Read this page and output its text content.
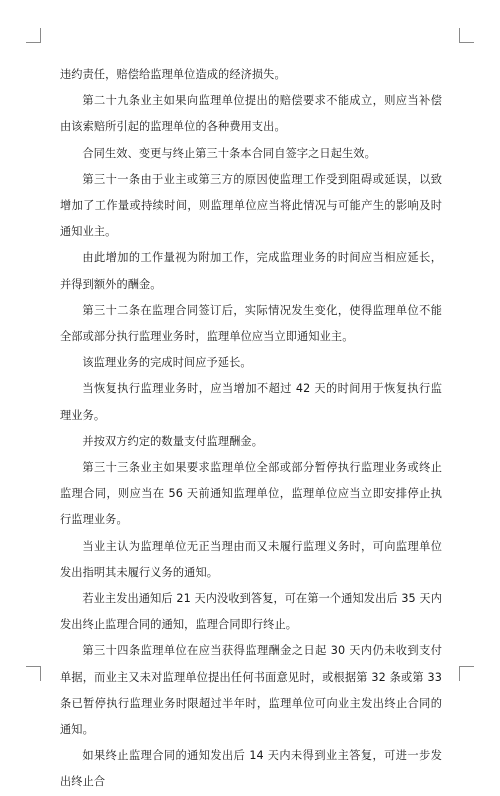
违约责任，赔偿给监理单位造成的经济损失。

第二十九条业主如果向监理单位提出的赔偿要求不能成立，则应当补偿由该索赔所引起的监理单位的各种费用支出。

合同生效、变更与终止第三十条本合同自签字之日起生效。

第三十一条由于业主或第三方的原因使监理工作受到阻碍或延误，以致增加了工作量或持续时间，则监理单位应当将此情况与可能产生的影响及时通知业主。

由此增加的工作量视为附加工作，完成监理业务的时间应当相应延长，并得到额外的酬金。

第三十二条在监理合同签订后，实际情况发生变化，使得监理单位不能全部或部分执行监理业务时，监理单位应当立即通知业主。

该监理业务的完成时间应予延长。

当恢复执行监理业务时，应当增加不超过 42 天的时间用于恢复执行监理业务。

并按双方约定的数量支付监理酬金。

第三十三条业主如果要求监理单位全部或部分暂停执行监理业务或终止监理合同，则应当在 56 天前通知监理单位，监理单位应当立即安排停止执行监理业务。

当业主认为监理单位无正当理由而又未履行监理义务时，可向监理单位发出指明其未履行义务的通知。

若业主发出通知后 21 天内没收到答复，可在第一个通知发出后 35 天内发出终止监理合同的通知，监理合同即行终止。

第三十四条监理单位在应当获得监理酬金之日起 30 天内仍未收到支付单据，而业主又未对监理单位提出任何书面意见时，或根据第 32 条或第 33 条已暂停执行监理业务时限超过半年时，监理单位可向业主发出终止合同的通知。

如果终止监理合同的通知发出后 14 天内未得到业主答复，可进一步发出终止合
